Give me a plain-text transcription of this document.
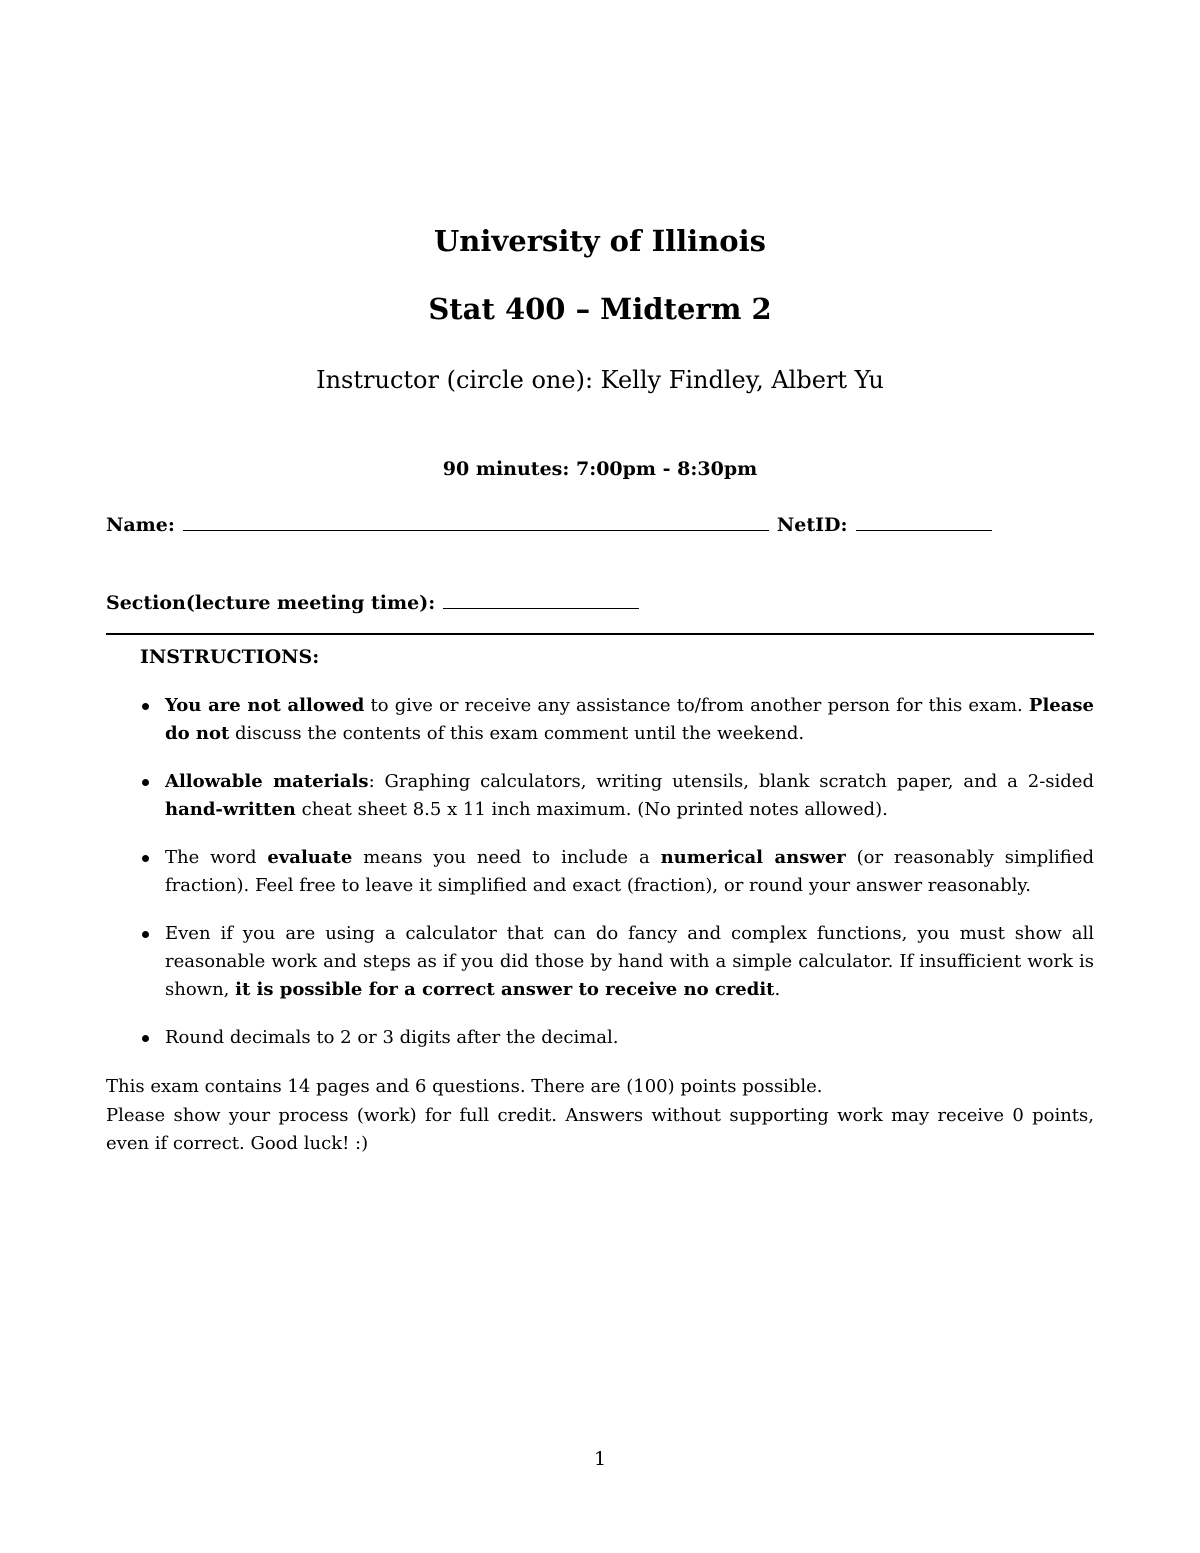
University of Illinois
Stat 400 – Midterm 2
Instructor (circle one): Kelly Findley, Albert Yu
90 minutes: 7:00pm - 8:30pm
Name:	NetID:
Section(lecture meeting time):
INSTRUCTIONS:
You are not allowed to give or receive any assistance to/from another person for this exam. Please do not discuss the contents of this exam comment until the weekend.
Allowable materials: Graphing calculators, writing utensils, blank scratch paper, and a 2-sided hand-written cheat sheet 8.5 x 11 inch maximum. (No printed notes allowed).
The word evaluate means you need to include a numerical answer (or reasonably simplified fraction). Feel free to leave it simplified and exact (fraction), or round your answer reasonably.
Even if you are using a calculator that can do fancy and complex functions, you must show all reasonable work and steps as if you did those by hand with a simple calculator. If insufficient work is shown, it is possible for a correct answer to receive no credit.
Round decimals to 2 or 3 digits after the decimal.

This exam contains 14 pages and 6 questions. There are (100) points possible.

Please show your process (work) for full credit. Answers without supporting work may receive 0 points, even if correct. Good luck! :)

1
